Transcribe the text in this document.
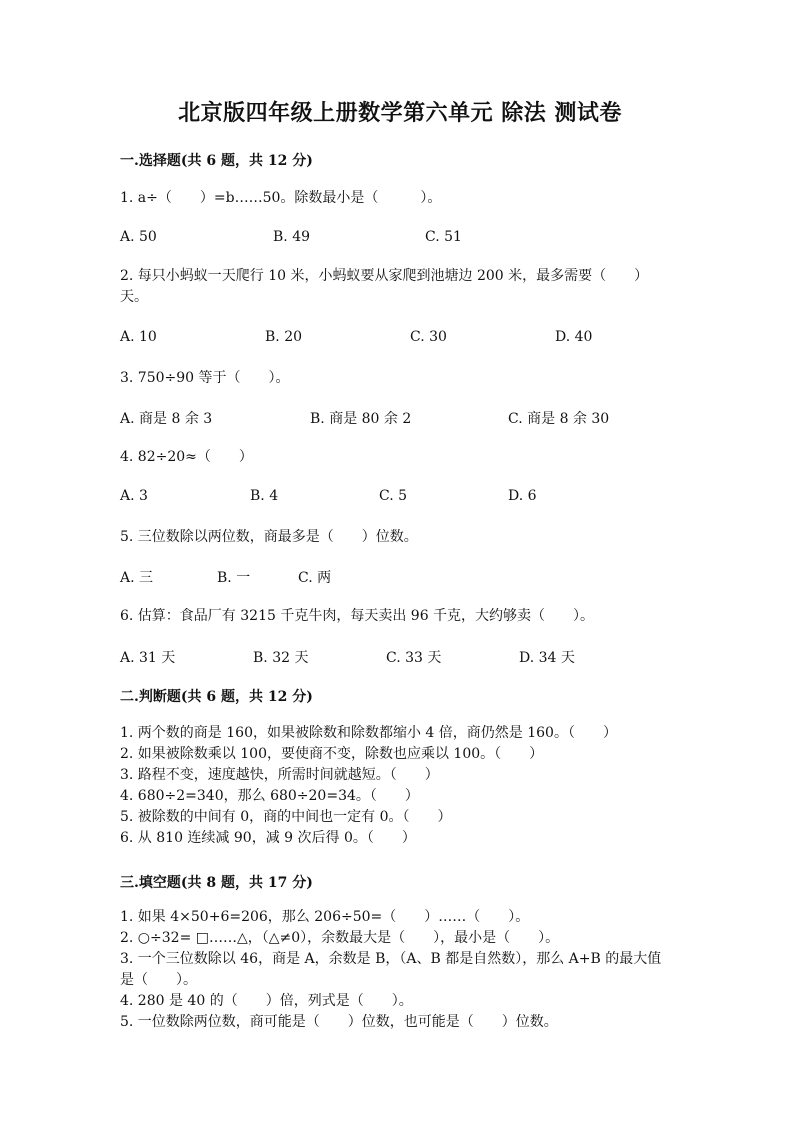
北京版四年级上册数学第六单元 除法 测试卷
一.选择题(共 6 题，共 12 分)
1. a÷（　　）=b……50。除数最小是（　　　）。
A. 50	B. 49	C. 51
2. 每只小蚂蚁一天爬行 10 米，小蚂蚁要从家爬到池塘边 200 米，最多需要（　　）天。
A. 10	B. 20	C. 30	D. 40
3. 750÷90 等于（　　）。
A. 商是 8 余 3	B. 商是 80 余 2	C. 商是 8 余 30
4. 82÷20≈（　　）
A. 3	B. 4	C. 5	D. 6
5. 三位数除以两位数，商最多是（　　）位数。
A. 三	B. 一	C. 两
6. 估算：食品厂有 3215 千克牛肉，每天卖出 96 千克，大约够卖（　　）。
A. 31 天	B. 32 天	C. 33 天	D. 34 天
二.判断题(共 6 题，共 12 分)
1. 两个数的商是 160，如果被除数和除数都缩小 4 倍，商仍然是 160。（　　）
2. 如果被除数乘以 100，要使商不变，除数也应乘以 100。（　　）
3. 路程不变，速度越快，所需时间就越短。（　　）
4. 680÷2=340，那么 680÷20=34。（　　）
5. 被除数的中间有 0，商的中间也一定有 0。（　　）
6. 从 810 连续减 90，减 9 次后得 0。（　　）
三.填空题(共 8 题，共 17 分)
1. 如果 4×50+6=206，那么 206÷50=（　　）……（　　）。
2. ○÷32= □……△，（△≠0），余数最大是（　　），最小是（　　）。
3. 一个三位数除以 46，商是 A，余数是 B，（A、B 都是自然数），那么 A+B 的最大值是（　　）。
4. 280 是 40 的（　　）倍，列式是（　　）。
5. 一位数除两位数，商可能是（　　）位数，也可能是（　　）位数。
